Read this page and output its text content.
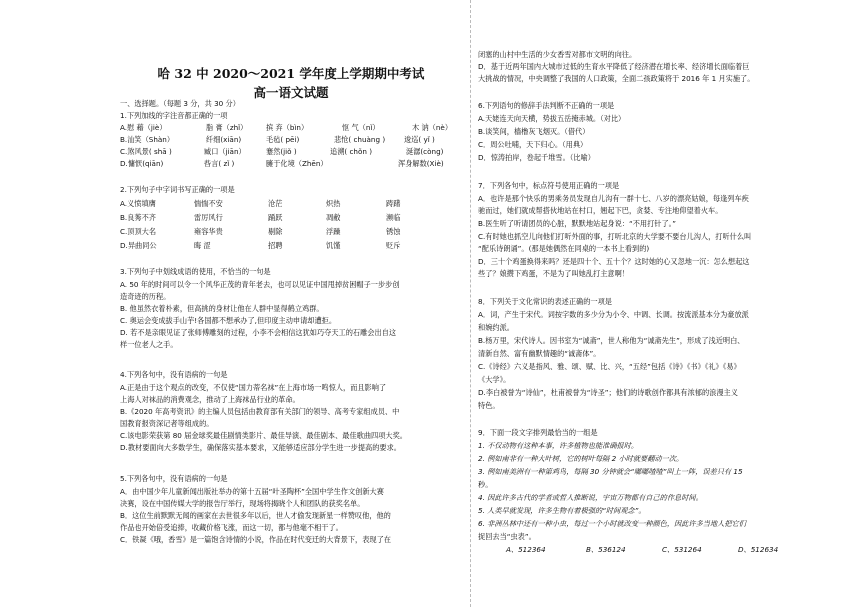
哈 32 中 2020～2021 学年度上学期期中考试
高一语文试题
一、选择题。（每题 3 分，共 30 分）
1.下列加线的字注音都正确的一项
A.慰 藉（jiè）	脂 膏（zhǐ）	摈 弃（bìn）	怄 气（nǐ）	木 讷（nè）
B.汕笑（Shàn）	纤细(xiān)	毛毡( pēi)	悲怆( chuàng )	逡巡( yǐ )
C.煞风景( shā )	臧口（jiān）	蹇然(jiǒ )	追溯( chǒn )	涎潺(còng)
D.慵恹(qiān)	呰言( zǐ )	臃于化境（Zhēn）	浑身解数(Xiè)
2.下列句子中字词书写正确的一项是
A.义愤填膺	惴惴不安	沧茫	炽热	踌躇
B.良莠不齐	雷厉风行	踊跃	凋敝	濒临
C.顶顶大名	雍容华贵	剔除	浮躁	锈蚀
D.异曲同公	晦 涩	招聘	饥馑	贬斥
3.下列句子中划线成语的使用，不恰当的一句是
A. 50 年的时间可以令一个风华正茂的青年老去，也可以见证中国甩掉贫困帽子一步步创
造奇迹的历程。
B. 他虽然衣着朴素，但高挑的身材让他在人群中显得鹤立鸡群。
C. 奥运会变成拔手山芋!各国都不想承办了,但印度主动申请却遭拒。
D. 若不是亲眼见证了张师傅雕刻的过程，小李不会相信这犹如巧夺天工的石雕会出自这
样一位老人之手。
4.下列各句中，没有语病的一句是
A.正是由于这个观点的改变，不仅使“国力蒂名袜”在上海市场一鸣惊人，而且影响了
上海人对袜品的消费观念，推动了上海袜品行业的革命。
B.《2020 年高考资讯》的主编人员包括由教育部有关部门的领导、高考专家组成员、中
国教育报资深记者等组成的。
C.该电影荣获第 80 届金球奖最佳剧情类影片、最佳导演、最佳剧本、最佳歌曲四项大奖。
D.教材要面向大多数学生，确保落实基本要求，又能够适应部分学生进一步提高的要求。
5.下列各句中，没有语病的一句是
A．由中国少年儿童新闻出版社举办的第十五届“叶圣陶杯”全国中学生作文创新大赛
决赛，设在中国传媒大学的报告厅举行，现场将揭晓个人和团队的获奖名单。
B．这位生前默默无闻的画家在去世很多年以后，世人才偷发现新星一样赞叹他，他的
作品也开始倍受追捧，收藏价格飞涨，而这一切，都与他毫不相干了。
C．铁凝《哦，香雪》是一篇饱含诗情的小说，作品在时代变迁的大背景下，表现了在
闭塞的山村中生活的少女香雪对都市文明的向往。
D．基于近两年国内大城市过低的生育水平降低了经济潜在增长率、经济增长面临着巨
大挑战的情况，中央调整了我国的人口政策，全面二孩政策将于 2016 年 1 月实施了。
6.下列语句的修辞手法判断不正确的一项是
A.天姥连天向天横，势拔五岳掩赤城。（对比）
B.谈笑间，樯橹灰飞烟灭。（借代）
C．周公吐哺，天下归心。（用典）
D．惊涛拍岸，卷起千堆雪。（比喻）
7．下列各句中，标点符号使用正确的一项是
A．也许是那个快乐的男乘务员发现自儿沟有一群十七、八岁的漂亮姑娘，每逢列车疾
驰而过，她们就成帮搭伙地站在村口，翘起下巴，贪婪、专注地仰望着火车。
B.医生听了听请团员的心脏，默默地站起身说：“不用打针了。”
C.有时她也抓空儿向他们打听外面的事，打听北京的大学要不要台儿沟人，打听什么叫
“配乐诗朗诵”。(那是她偶然在同桌的一本书上看到的)
D．三十个鸡蛋换得来吗？还是四十个、五十个？这时她的心又忽地一沉：怎么想起这
些了？娘攒下鸡蛋，不是为了叫她乱打主意啊！
8．下列关于文化常识的表述正确的一项是
A．词，产生于宋代。词按字数的多少分为小令、中调、长调。按流派基本分为豪放派
和婉约派。
B.杨万里，宋代诗人。因书室为“诚斋”，世人称他为“诚斋先生”，形成了浅近明白、
清新自然、富有幽默情趣的“诚斋体”。
C.《诗经》六义是指风、雅、颂、赋、比、兴，“五经”包括《诗》《书》《礼》《易》
《大学》。
D.李白被誉为“诗仙”，杜甫被誉为“诗圣”；他们的诗歌创作都具有浓郁的浪漫主义
特色。
9．下面一段文字排列最恰当的一组是
1. 不仅动物有这种本事，许多植物也能准确报时。
2. 例如南非有一种大叶树，它的树叶每隔 2 小时就要翻动一次。
3. 例如南美洲有一种第鸡鸟，每隔 30 分钟就会“嘟嘟喳喳”叫上一阵，误差只有 15
秒。
4. 因此许多古代的学者或哲人推断说，宇宙万物都有自己的作息时间。
5. 人类早就发现，许多生物有着极强的“时间观念”。
6. 非洲丛林中还有一种小虫，每过一个小时就改变一种颜色，因此许多当地人把它们
捉回去当“虫表”。
A、512364	B、536124	C、531264	D、512634
